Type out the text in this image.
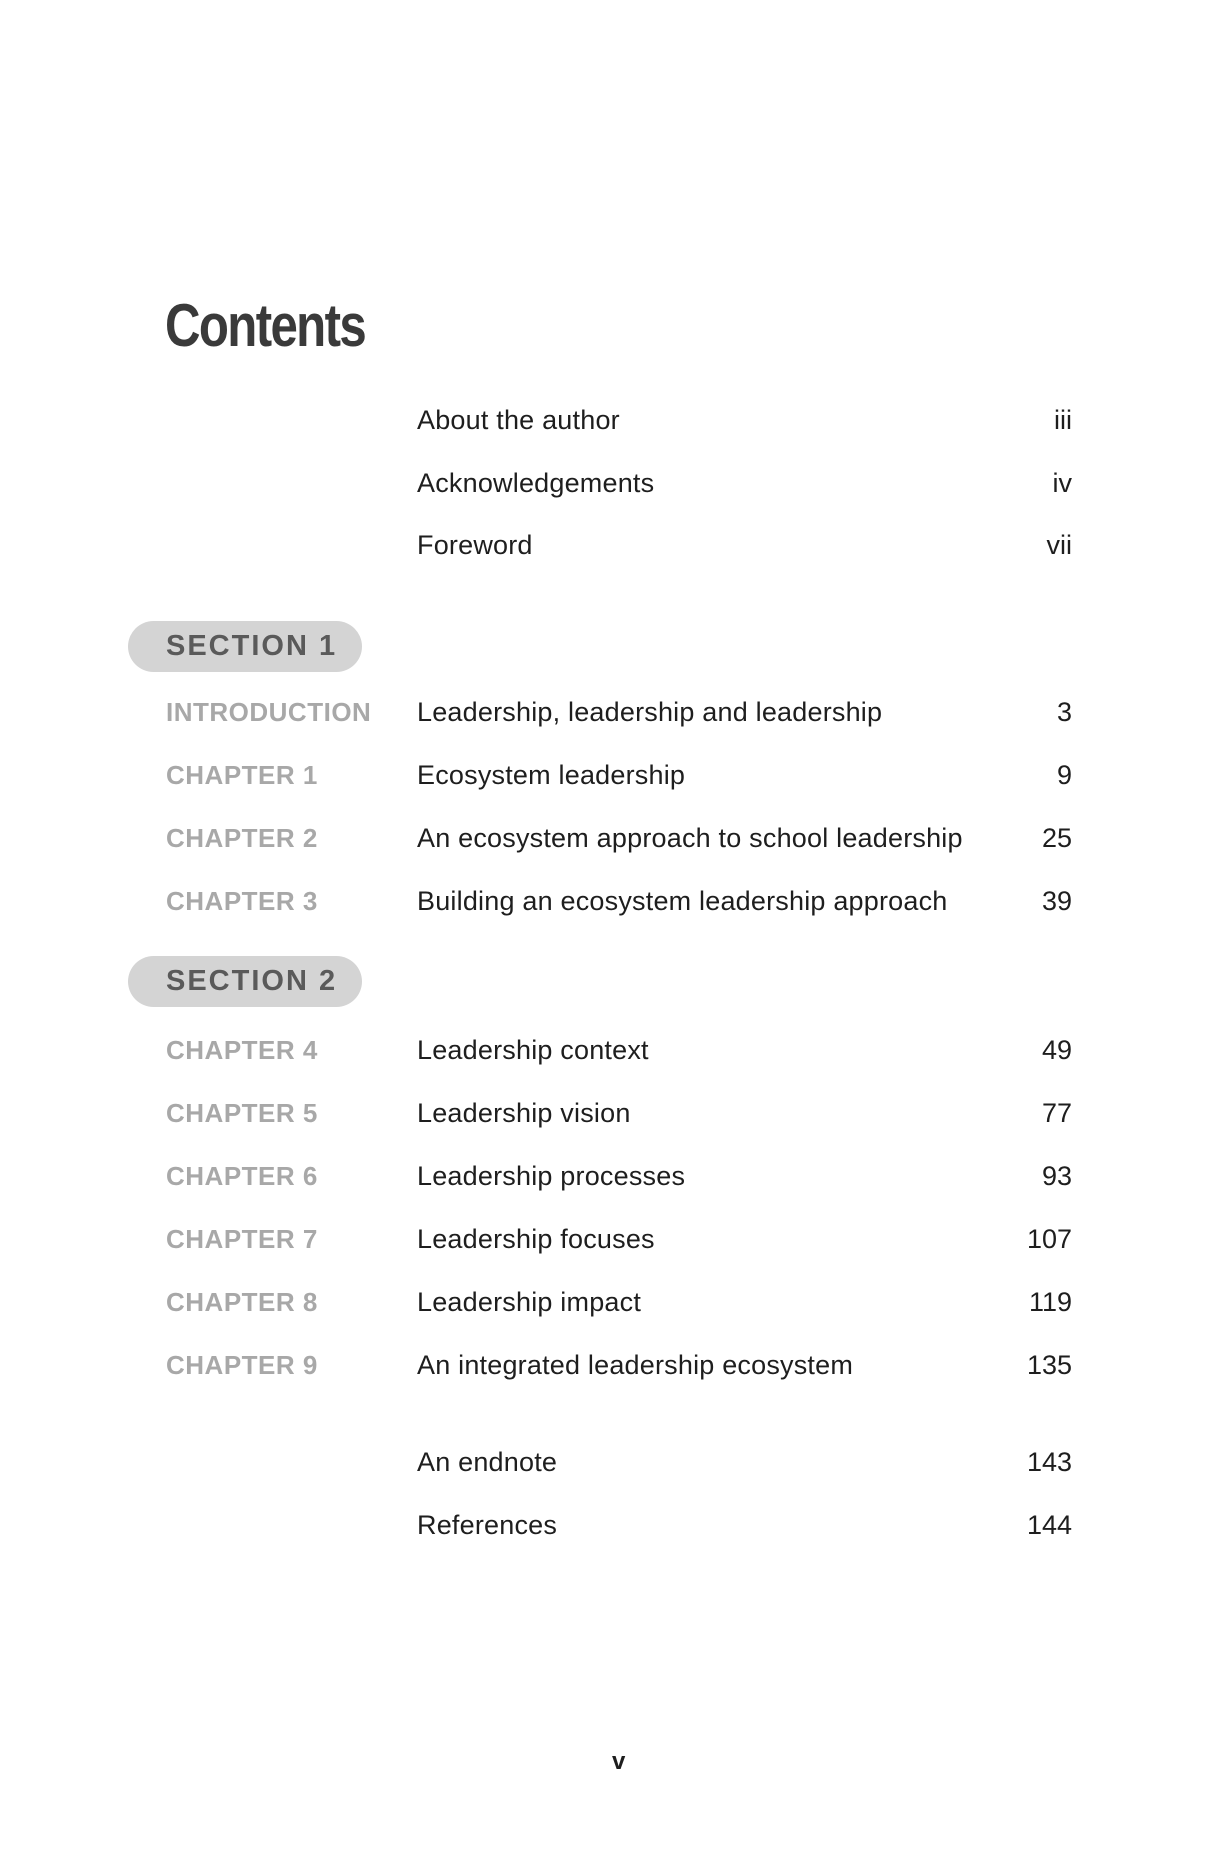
Contents
About the author	iii
Acknowledgements	iv
Foreword	vii
SECTION 1
INTRODUCTION Leadership, leadership and leadership	3
CHAPTER 1	Ecosystem leadership	9
CHAPTER 2	An ecosystem approach to school leadership	25
CHAPTER 3	Building an ecosystem leadership approach	39
SECTION 2
CHAPTER 4	Leadership context	49
CHAPTER 5	Leadership vision	77
CHAPTER 6	Leadership processes	93
CHAPTER 7	Leadership focuses	107
CHAPTER 8	Leadership impact	119
CHAPTER 9	An integrated leadership ecosystem	135
An endnote	143
References	144
v
